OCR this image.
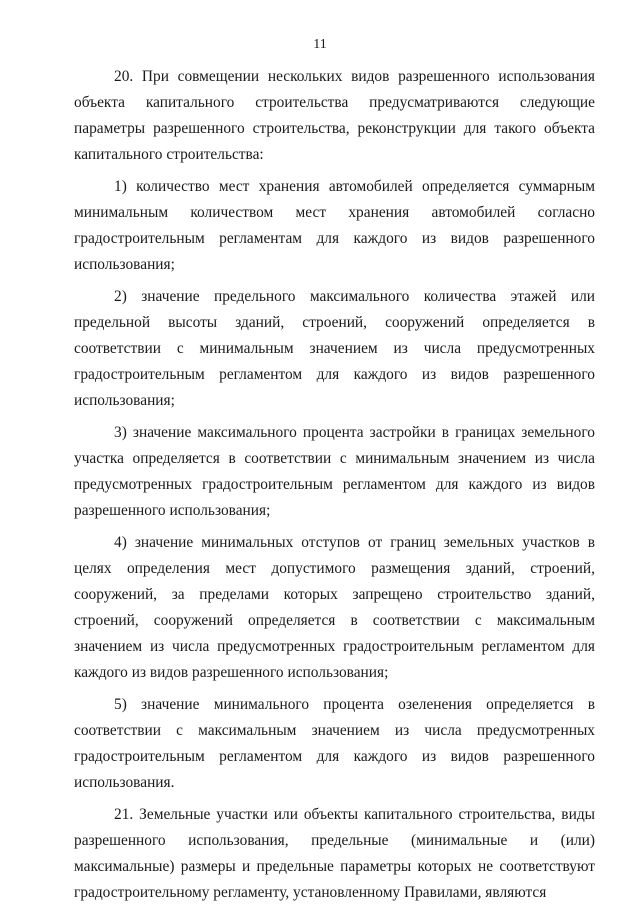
11

20. При совмещении нескольких видов разрешенного использования объекта капитального строительства предусматриваются следующие параметры разрешенного строительства, реконструкции для такого объекта капитального строительства:

1) количество мест хранения автомобилей определяется суммарным минимальным количеством мест хранения автомобилей согласно градостроительным регламентам для каждого из видов разрешенного использования;

2) значение предельного максимального количества этажей или предельной высоты зданий, строений, сооружений определяется в соответствии с минимальным значением из числа предусмотренных градостроительным регламентом для каждого из видов разрешенного использования;

3) значение максимального процента застройки в границах земельного участка определяется в соответствии с минимальным значением из числа предусмотренных градостроительным регламентом для каждого из видов разрешенного использования;

4) значение минимальных отступов от границ земельных участков в целях определения мест допустимого размещения зданий, строений, сооружений, за пределами которых запрещено строительство зданий, строений, сооружений определяется в соответствии с максимальным значением из числа предусмотренных градостроительным регламентом для каждого из видов разрешенного использования;

5) значение минимального процента озеленения определяется в соответствии с максимальным значением из числа предусмотренных градостроительным регламентом для каждого из видов разрешенного использования.

21. Земельные участки или объекты капитального строительства, виды разрешенного использования, предельные (минимальные и (или) максимальные) размеры и предельные параметры которых не соответствуют градостроительному регламенту, установленному Правилами, являются
